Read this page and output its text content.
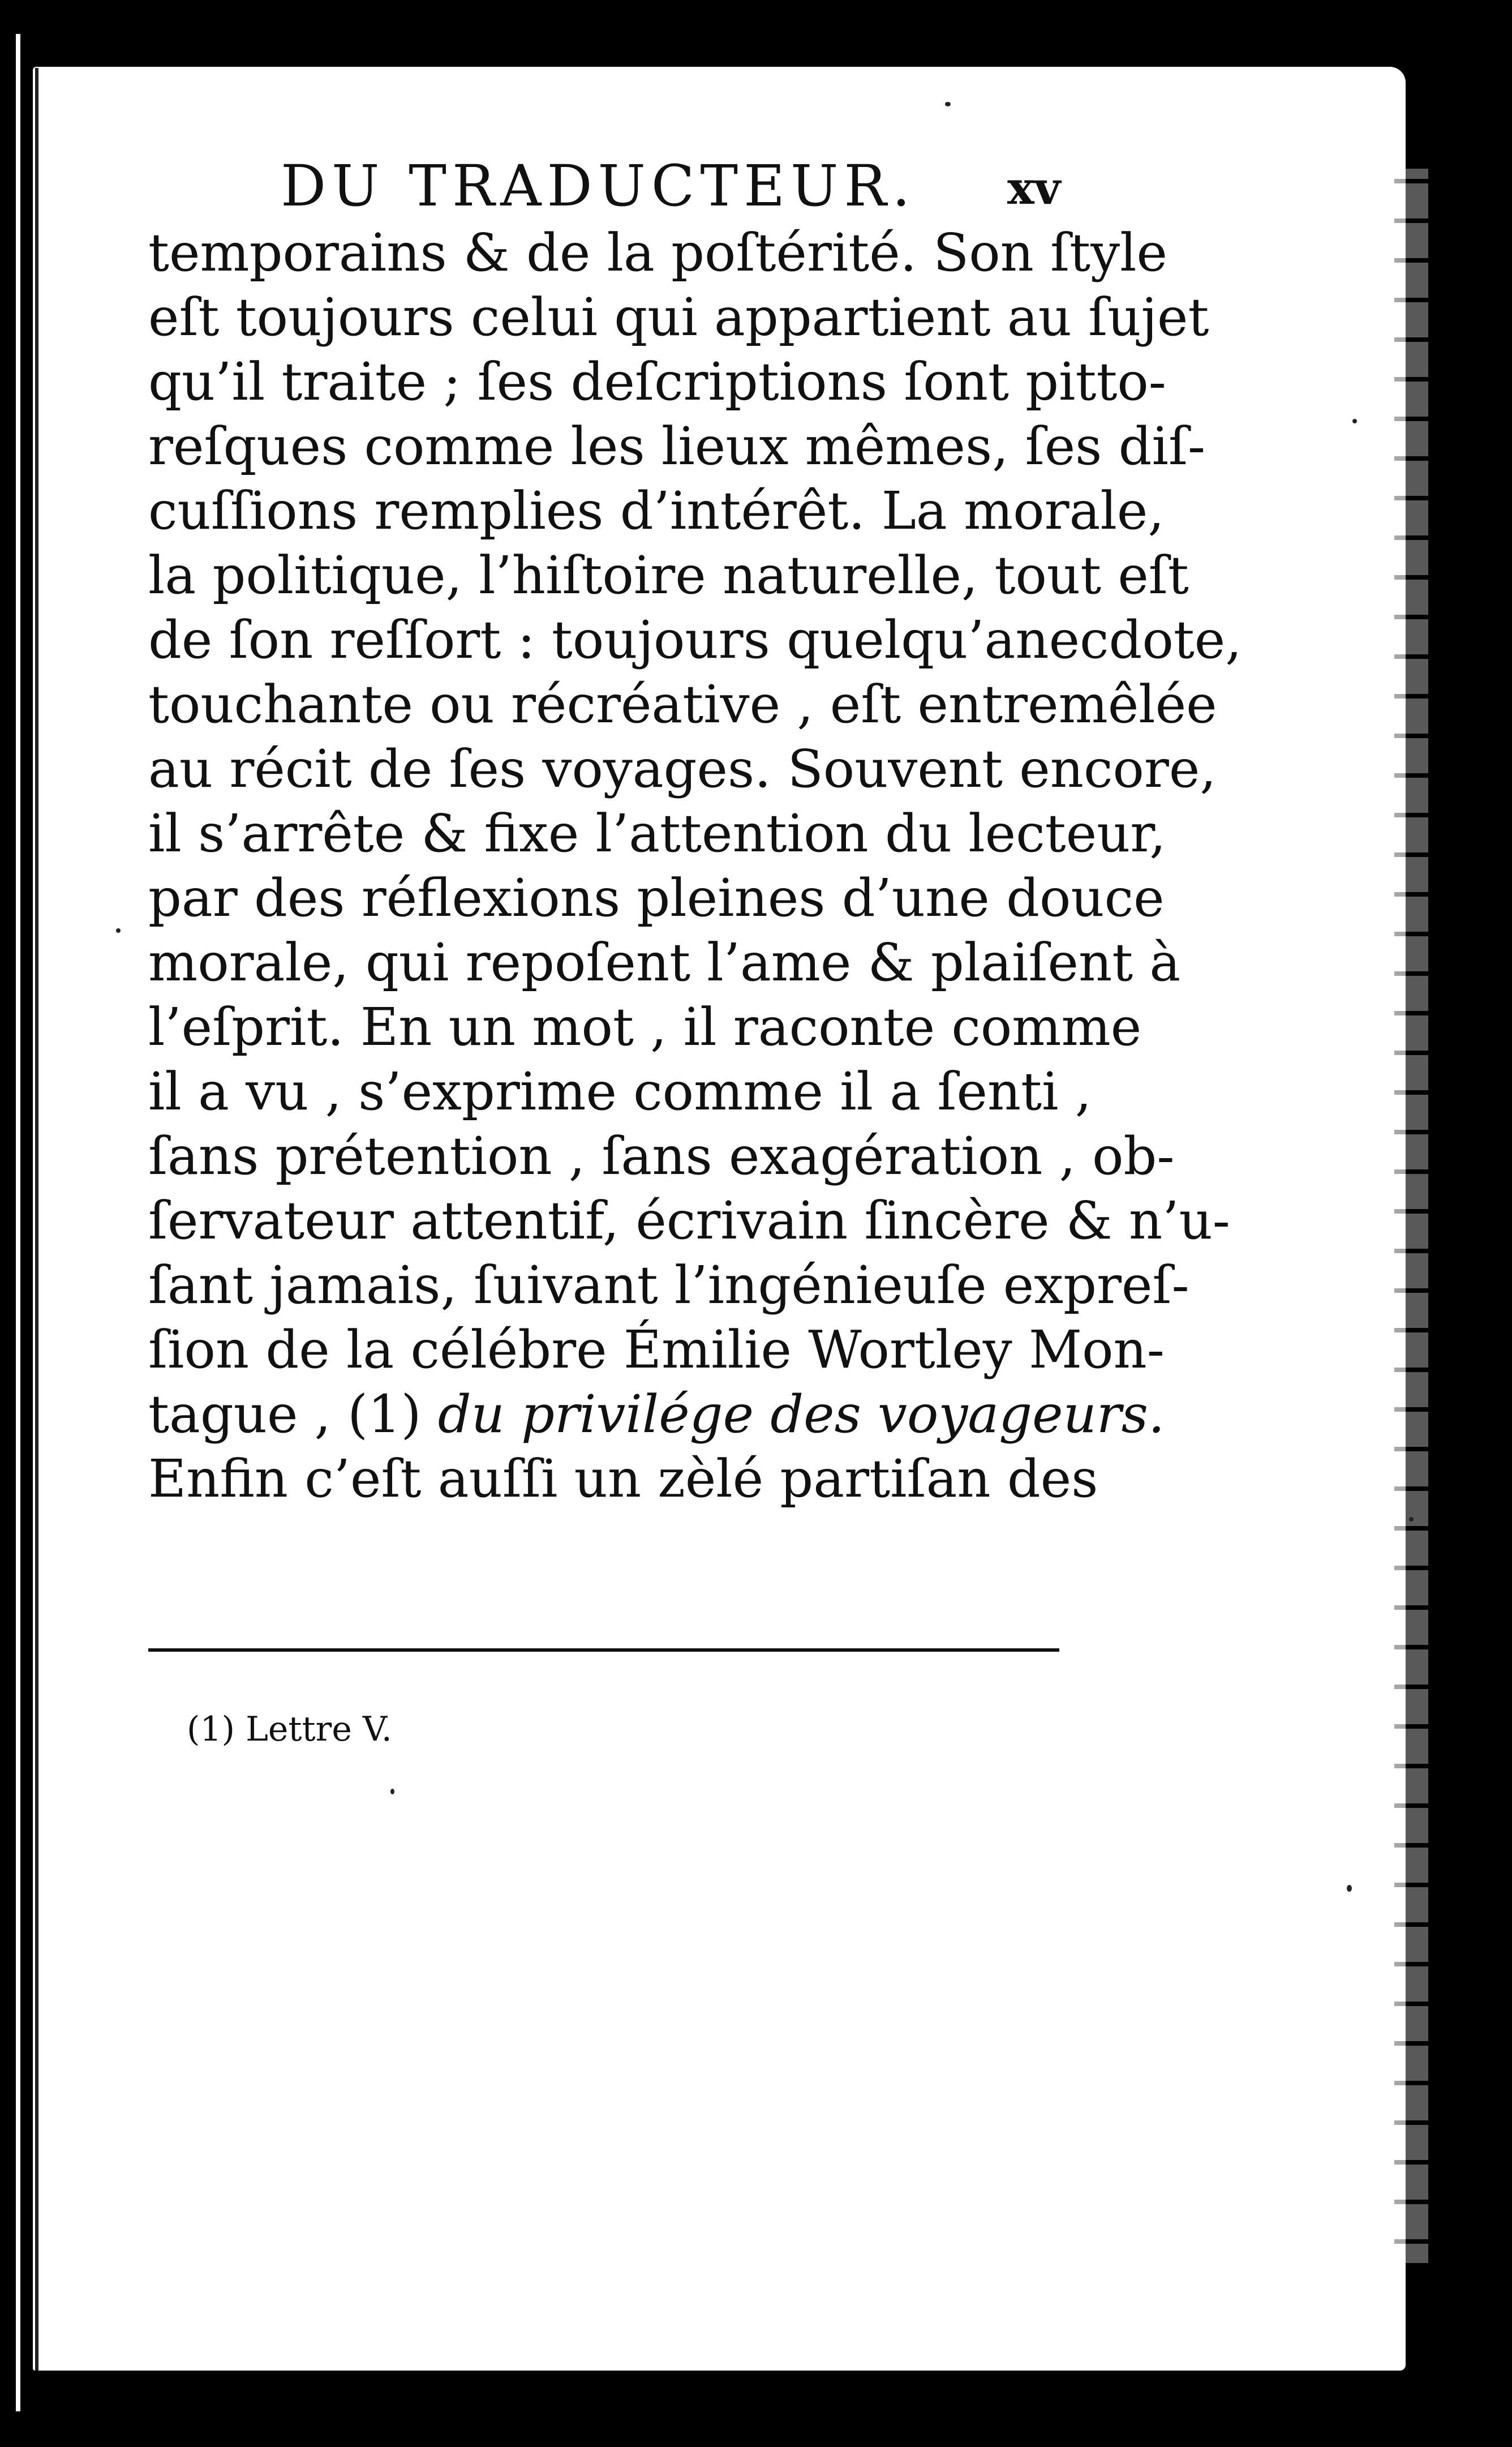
DU TRADUCTEUR.	xv
temporains & de la poſtérité. Son ſtyle
eſt toujours celui qui appartient au ſujet
qu’il traite ; ſes deſcriptions ſont pitto-
reſques comme les lieux mêmes, ſes diſ-
cuſſions remplies d’intérêt. La morale,
la politique, l’hiſtoire naturelle, tout eſt
de ſon reſſort : toujours quelqu’anecdote,
touchante ou récréative , eſt entremêlée
au récit de ſes voyages. Souvent encore,
il s’arrête & fixe l’attention du lecteur,
par des réflexions pleines d’une douce
morale, qui repoſent l’ame & plaiſent à
l’eſprit. En un mot , il raconte comme
il a vu , s’exprime comme il a ſenti ,
ſans prétention , ſans exagération , ob-
ſervateur attentif, écrivain ſincère & n’u-
ſant jamais, ſuivant l’ingénieuſe expreſ-
ſion de la célébre Émilie Wortley Mon-
tague , (1) du privilége des voyageurs.
Enfin c’eſt auſſi un zèlé partiſan des
(1) Lettre V.
